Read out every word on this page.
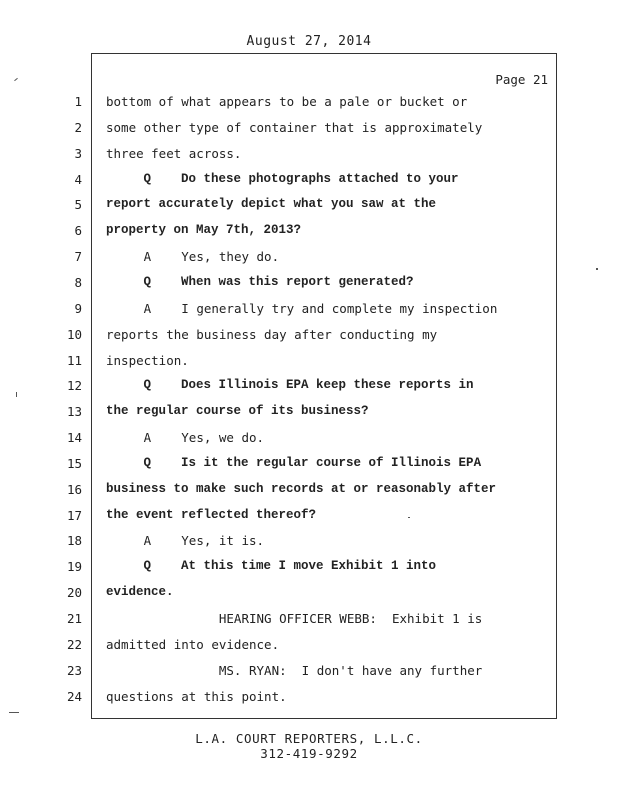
August 27, 2014
Page 21
1 bottom of what appears to be a pale or bucket or
2 some other type of container that is approximately
3 three feet across.
4 Q    Do these photographs attached to your
5 report accurately depict what you saw at the
6 property on May 7th, 2013?
7 A    Yes, they do.
8 Q    When was this report generated?
9 A    I generally try and complete my inspection
10 reports the business day after conducting my
11 inspection.
12 Q    Does Illinois EPA keep these reports in
13 the regular course of its business?
14 A    Yes, we do.
15 Q    Is it the regular course of Illinois EPA
16 business to make such records at or reasonably after
17 the event reflected thereof?
18 A    Yes, it is.
19 Q    At this time I move Exhibit 1 into
20 evidence.
21 HEARING OFFICER WEBB:  Exhibit 1 is
22 admitted into evidence.
23 MS. RYAN:  I don't have any further
24 questions at this point.
L.A. COURT REPORTERS, L.L.C.
312-419-9292
